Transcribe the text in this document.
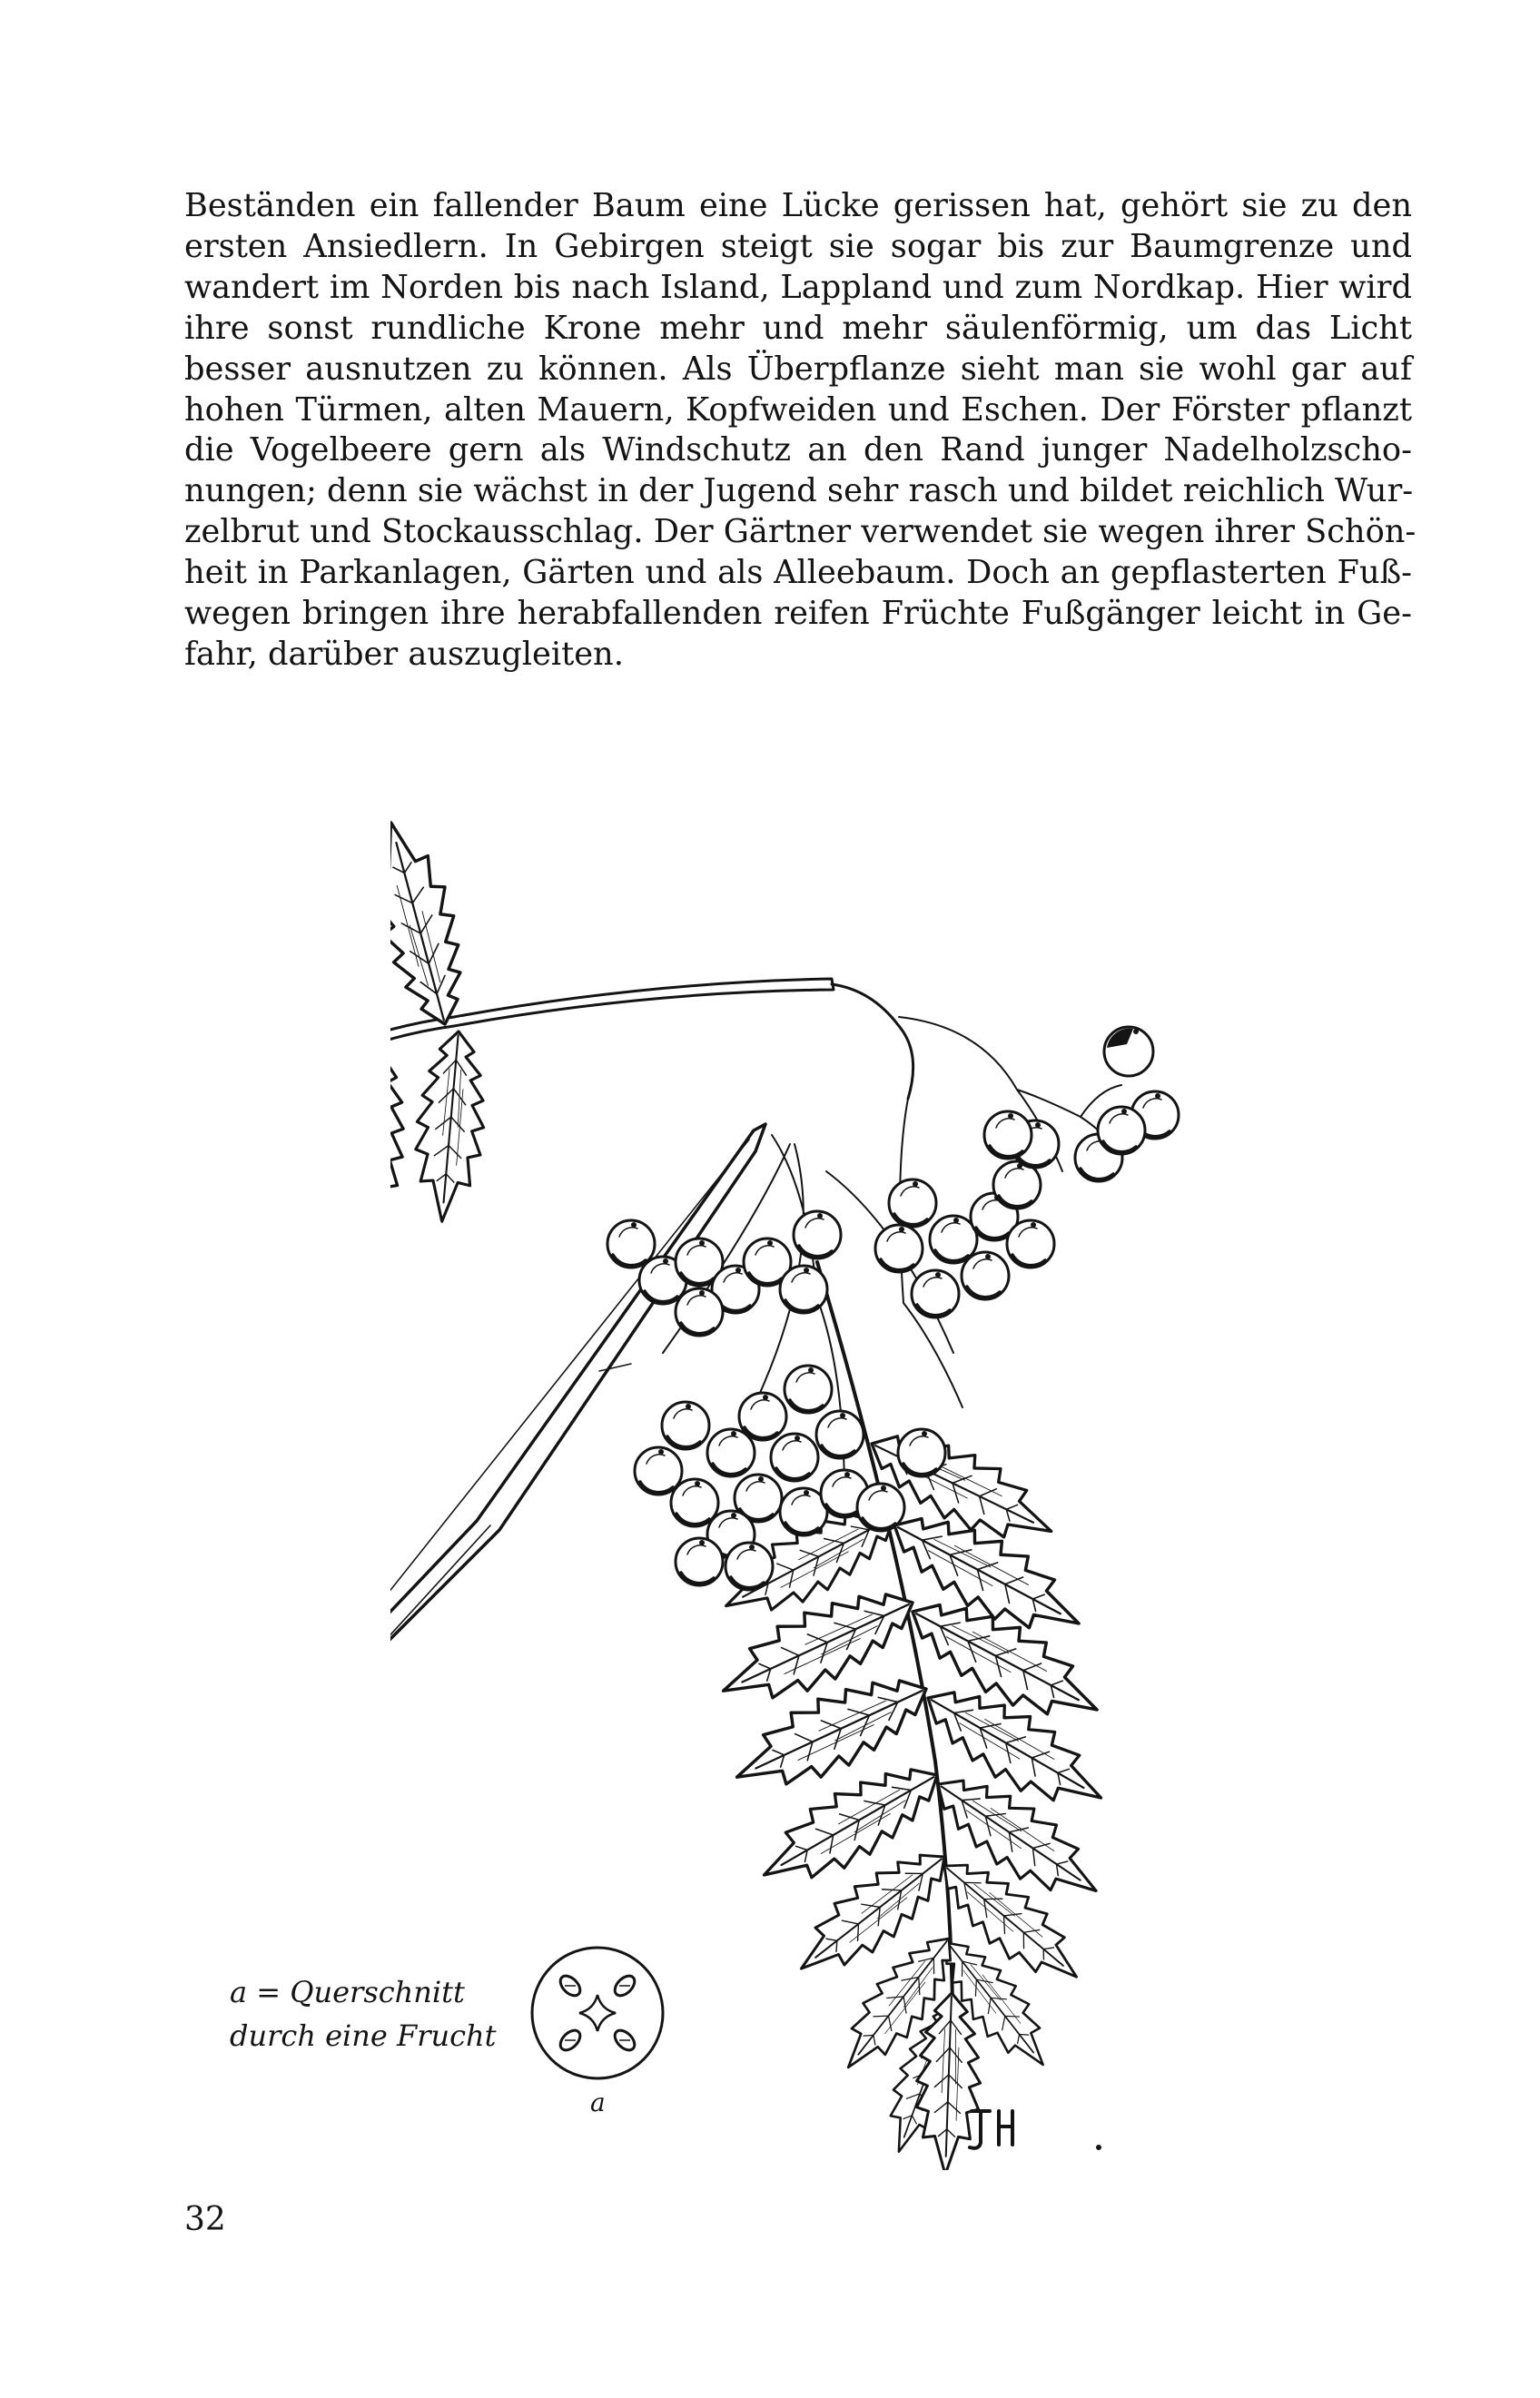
Beständen ein fallender Baum eine Lücke gerissen hat, gehört sie zu den
ersten Ansiedlern. In Gebirgen steigt sie sogar bis zur Baumgrenze und
wandert im Norden bis nach Island, Lappland und zum Nordkap. Hier wird
ihre sonst rundliche Krone mehr und mehr säulenförmig, um das Licht
besser ausnutzen zu können. Als Überpflanze sieht man sie wohl gar auf
hohen Türmen, alten Mauern, Kopfweiden und Eschen. Der Förster pflanzt
die Vogelbeere gern als Windschutz an den Rand junger Nadelholzscho-
nungen; denn sie wächst in der Jugend sehr rasch und bildet reichlich Wur-
zelbrut und Stockausschlag. Der Gärtner verwendet sie wegen ihrer Schön-
heit in Parkanlagen, Gärten und als Alleebaum. Doch an gepflasterten Fuß-
wegen bringen ihre herabfallenden reifen Früchte Fußgänger leicht in Ge-
fahr, darüber auszugleiten.
a = Querschnitt
durch eine Frucht
a
32
